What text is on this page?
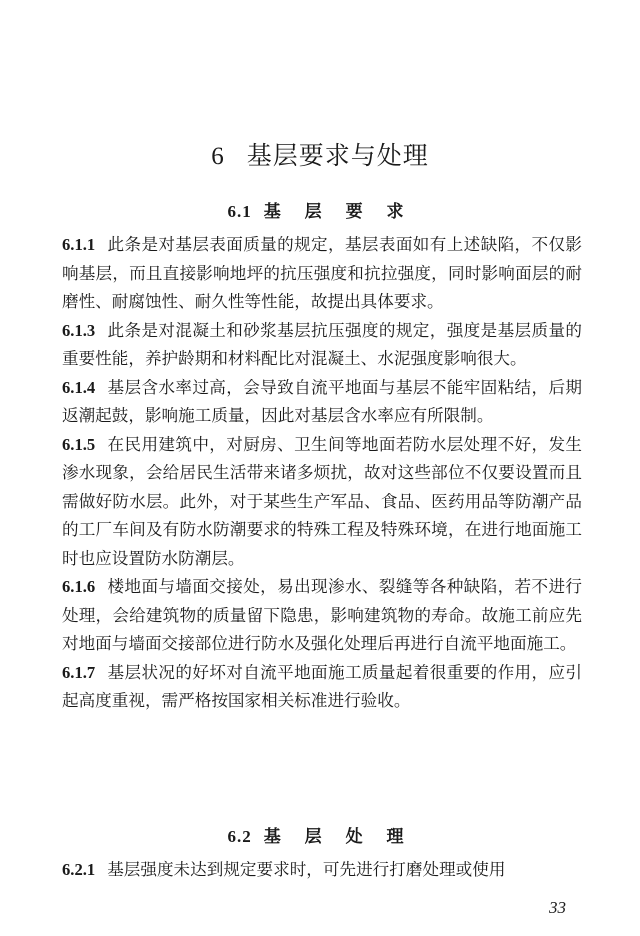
6 基层要求与处理
6.1 基 层 要 求

6.1.1 此条是对基层表面质量的规定，基层表面如有上述缺陷，不仅影响基层，而且直接影响地坪的抗压强度和抗拉强度，同时影响面层的耐磨性、耐腐蚀性、耐久性等性能，故提出具体要求。

6.1.3 此条是对混凝土和砂浆基层抗压强度的规定，强度是基层质量的重要性能，养护龄期和材料配比对混凝土、水泥强度影响很大。

6.1.4 基层含水率过高，会导致自流平地面与基层不能牢固粘结，后期返潮起鼓，影响施工质量，因此对基层含水率应有所限制。

6.1.5 在民用建筑中，对厨房、卫生间等地面若防水层处理不好，发生渗水现象，会给居民生活带来诸多烦扰，故对这些部位不仅要设置而且需做好防水层。此外，对于某些生产军品、食品、医药用品等防潮产品的工厂车间及有防水防潮要求的特殊工程及特殊环境，在进行地面施工时也应设置防水防潮层。

6.1.6 楼地面与墙面交接处，易出现渗水、裂缝等各种缺陷，若不进行处理，会给建筑物的质量留下隐患，影响建筑物的寿命。故施工前应先对地面与墙面交接部位进行防水及强化处理后再进行自流平地面施工。

6.1.7 基层状况的好坏对自流平地面施工质量起着很重要的作用，应引起高度重视，需严格按国家相关标准进行验收。

6.2 基 层 处 理

6.2.1 基层强度未达到规定要求时，可先进行打磨处理或使用

33
